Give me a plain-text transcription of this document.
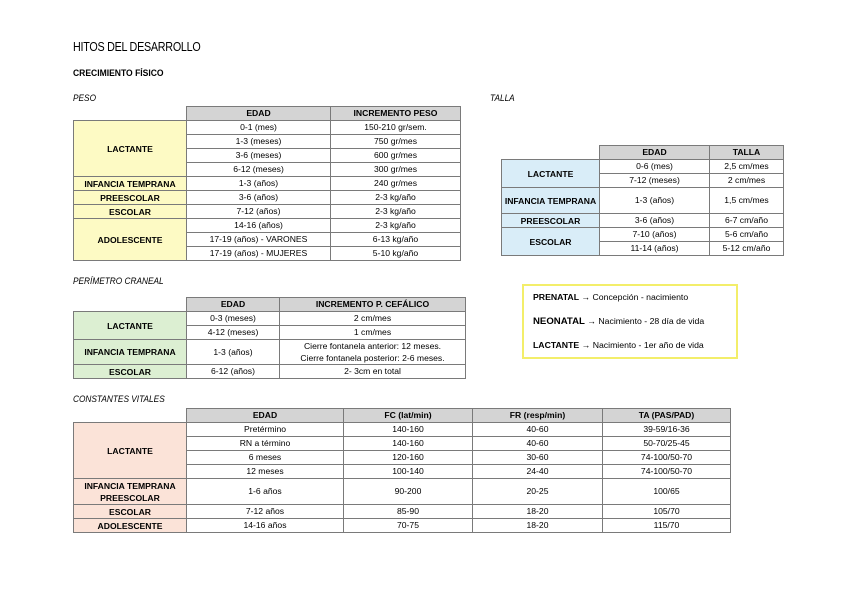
HITOS DEL DESARROLLO
CRECIMIENTO FÍSICO
PESO
	EDAD	INCREMENTO PESO
LACTANTE	0-1 (mes)	150-210 gr/sem.
	1-3 (meses)	750 gr/mes
	3-6 (meses)	600 gr/mes
	6-12 (meses)	300 gr/mes
INFANCIA TEMPRANA	1-3 (años)	240 gr/mes
PREESCOLAR	3-6 (años)	2-3 kg/año
ESCOLAR	7-12 (años)	2-3 kg/año
ADOLESCENTE	14-16 (años)	2-3 kg/año
	17-19 (años) - VARONES	6-13 kg/año
	17-19 (años) - MUJERES	5-10 kg/año
TALLA
	EDAD	TALLA
LACTANTE	0-6 (mes)	2,5 cm/mes
	7-12 (meses)	2 cm/mes
INFANCIA TEMPRANA	1-3 (años)	1,5 cm/mes
PREESCOLAR	3-6 (años)	6-7 cm/año
ESCOLAR	7-10 (años)	5-6 cm/año
	11-14 (años)	5-12 cm/año
PERÍMETRO CRANEAL
	EDAD	INCREMENTO P. CEFÁLICO
LACTANTE	0-3 (meses)	2 cm/mes
	4-12 (meses)	1 cm/mes
INFANCIA TEMPRANA	1-3 (años)	Cierre fontanela anterior: 12 meses.
Cierre fontanela posterior: 2-6 meses.
ESCOLAR	6-12 (años)	2- 3cm en total
PRENATAL → Concepción - nacimiento
NEONATAL → Nacimiento - 28 día de vida
LACTANTE → Nacimiento - 1er año de vida
CONSTANTES VITALES
	EDAD	FC (lat/min)	FR (resp/min)	TA (PAS/PAD)
LACTANTE	Pretérmino	140-160	40-60	39-59/16-36
	RN a término	140-160	40-60	50-70/25-45
	6 meses	120-160	30-60	74-100/50-70
	12 meses	100-140	24-40	74-100/50-70
INFANCIA TEMPRANA
PREESCOLAR	1-6 años	90-200	20-25	100/65
ESCOLAR	7-12 años	85-90	18-20	105/70
ADOLESCENTE	14-16 años	70-75	18-20	115/70
